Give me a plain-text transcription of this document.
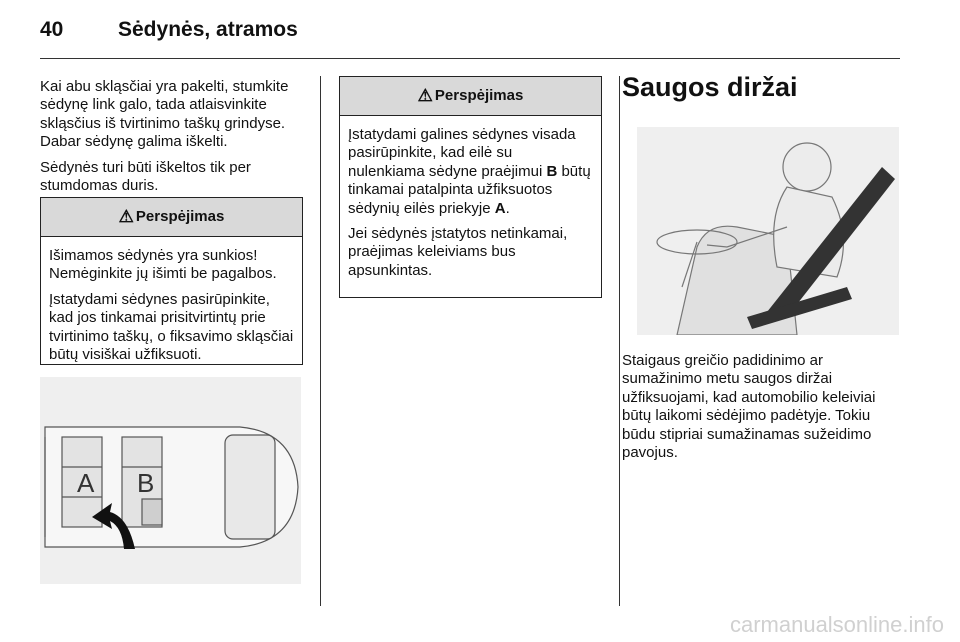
40	Sėdynės, atramos

Kai abu skląsčiai yra pakelti, stumkite sėdynę link galo, tada atlaisvinkite skląsčius iš tvirtinimo taškų grindyse. Dabar sėdynę galima iškelti.

Sėdynės turi būti iškeltos tik per stumdomas duris.

⚠ Perspėjimas

Išimamos sėdynės yra sunkios! Nemėginkite jų išimti be pagalbos.

Įstatydami sėdynes pasirūpinkite, kad jos tinkamai prisitvirtintų prie tvirtinimo taškų, o fiksavimo skląsčiai būtų visiškai užfiksuoti.

A B
⚠ Perspėjimas

Įstatydami galines sėdynes visada pasirūpinkite, kad eilė su nulenkiama sėdyne praėjimui B būtų tinkamai patalpinta užfiksuotos sėdynių eilės priekyje A.

Jei sėdynės įstatytos netinkamai, praėjimas keleiviams bus apsunkintas.

Saugos diržai

Staigaus greičio padidinimo ar sumažinimo metu saugos diržai užfiksuojami, kad automobilio keleiviai būtų laikomi sėdėjimo padėtyje. Tokiu būdu stipriai sumažinamas sužeidimo pavojus.

carmanualsonline.info
